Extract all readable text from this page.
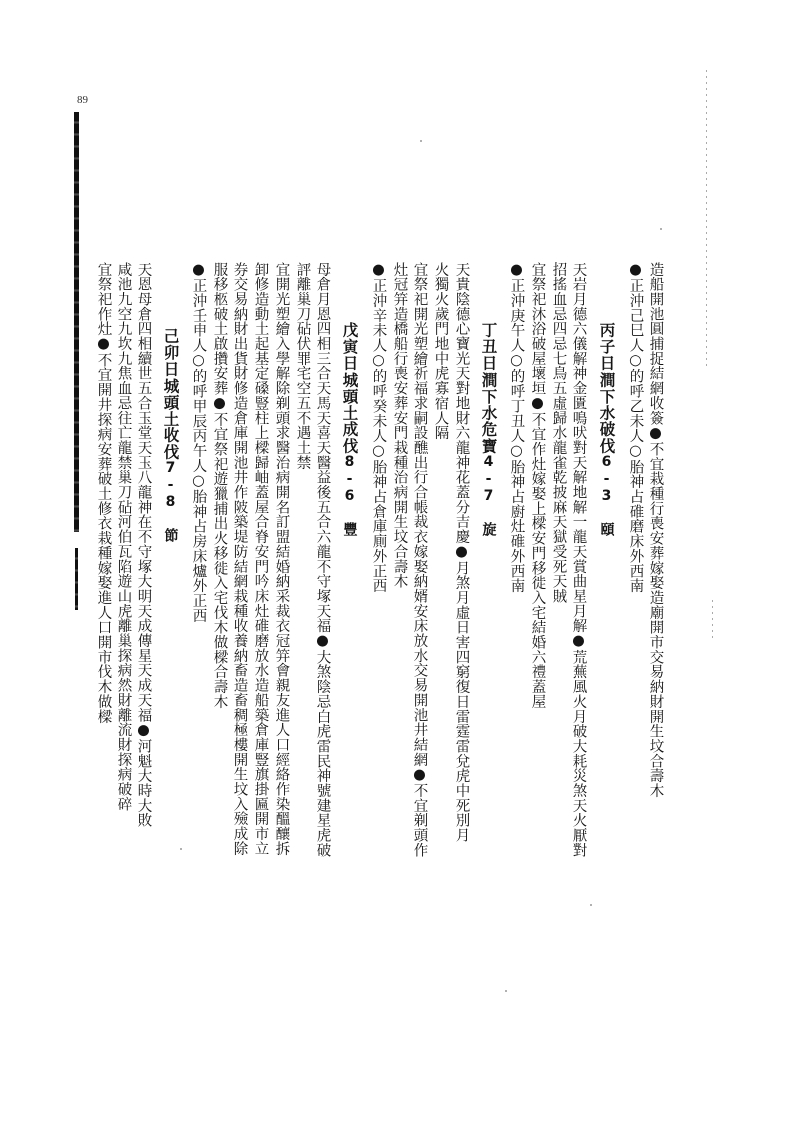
89
造船開池圓捕捉結網收簽●不宜栽種行喪安葬嫁娶造廟開市交易納財開生坟合壽木
●正沖己巳人○的呼乙未人○胎神占碓磨床外西南
丙子日澗下水破伐6-3 頤
天岩月德六儀解神金匱鳴吠對天解地解一龍天賞曲星月解●荒蕪風火月破大耗災煞天火厭對
招搖血忌四忌七鳥五虛歸水龍雀乾披麻天獄受死天賊
宜祭祀沐浴破屋壞垣●不宜作灶嫁娶上樑安門移徙入宅結婚六禮蓋屋
●正沖庚午人○的呼丁丑人○胎神占廚灶碓外西南
丁丑日澗下水危寶4-7 旋
天貴陰德心寶光天對地財六龍神花蓋分吉慶●月煞月虛日害四窮復日雷霆雷兌虎中死別月
火獨火歲門地中虎寡宿人隔
宜祭祀開光塑繪祈福求嗣設醮出行合帳裁衣嫁娶納婿安床放水交易開池井結網●不宜剃頭作
灶冠笄造橋船行喪安葬安門栽種治病開生坟合壽木
●正沖辛未人○的呼癸未人○胎神占倉庫廁外正西
戊寅日城頭土成伐8-6 豐
母倉月恩四相三合天馬天喜天醫益後五合六龍不守塚天福●大煞陰忌白虎雷民神號建星虎破
評離巢刀砧伏罪宅空五不遇土禁
宜開光塑繪入學解除剃頭求醫治病開名訂盟結婚納采裁衣冠笄會親友進人口經絡作染醞釀拆
卸修造動土起基定磉豎柱上樑歸岫蓋屋合脊安門吟床灶碓磨放水造船築倉庫豎旗掛匾開市立
券交易納財出貨財修造倉庫開池井作陂築堤防結網栽種收養納畜造畜稠極樓開生坟入殮成除
服移柩破土啟攢安葬●不宜祭祀遊獵捕出火移徙入宅伐木做樑合壽木
●正沖壬申人○的呼甲辰丙午人○胎神占房床爐外正西
己卯日城頭土收伐7-8 節
天恩母倉四相續世五合玉堂天玉八龍神在不守塚大明天成傳星天成天福●河魁大時大敗
咸池九空九坎九焦血忌往亡龍禁巢刀砧河伯瓦陷遊山虎離巢探病然財離流財探病破碎
宜祭祀作灶●不宜開井探病安葬破土修衣栽種嫁娶進人口開市伐木做樑
